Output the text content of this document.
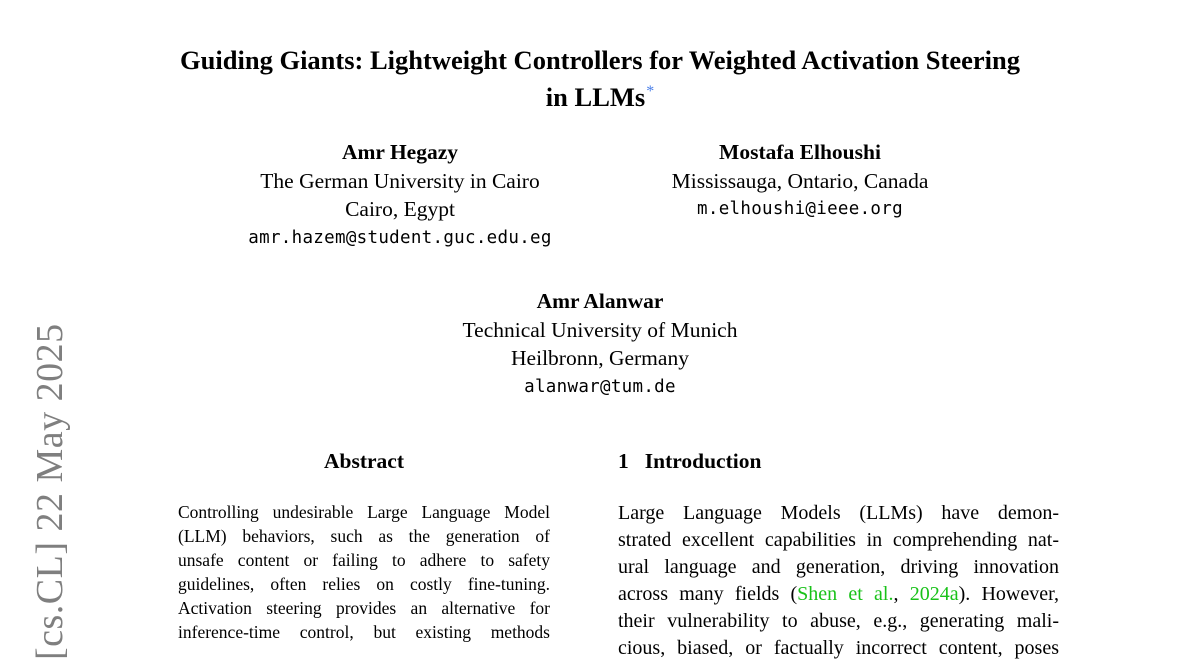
Guiding Giants: Lightweight Controllers for Weighted Activation Steering
in LLMs*
Amr Hegazy
The German University in Cairo
Cairo, Egypt
amr.hazem@student.guc.edu.eg
Mostafa Elhoushi
Mississauga, Ontario, Canada
m.elhoushi@ieee.org
Amr Alanwar
Technical University of Munich
Heilbronn, Germany
alanwar@tum.de
[cs.CL] 22 May 2025	Abstract
Controlling undesirable Large Language Model
(LLM) behaviors, such as the generation of
unsafe content or failing to adhere to safety
guidelines, often relies on costly fine-tuning.
Activation steering provides an alternative for
inference-time control, but existing methods
1 Introduction
Large Language Models (LLMs) have demon-
strated excellent capabilities in comprehending nat-
ural language and generation, driving innovation
across many fields (Shen et al., 2024a). However,
their vulnerability to abuse, e.g., generating mali-
cious, biased, or factually incorrect content, poses
